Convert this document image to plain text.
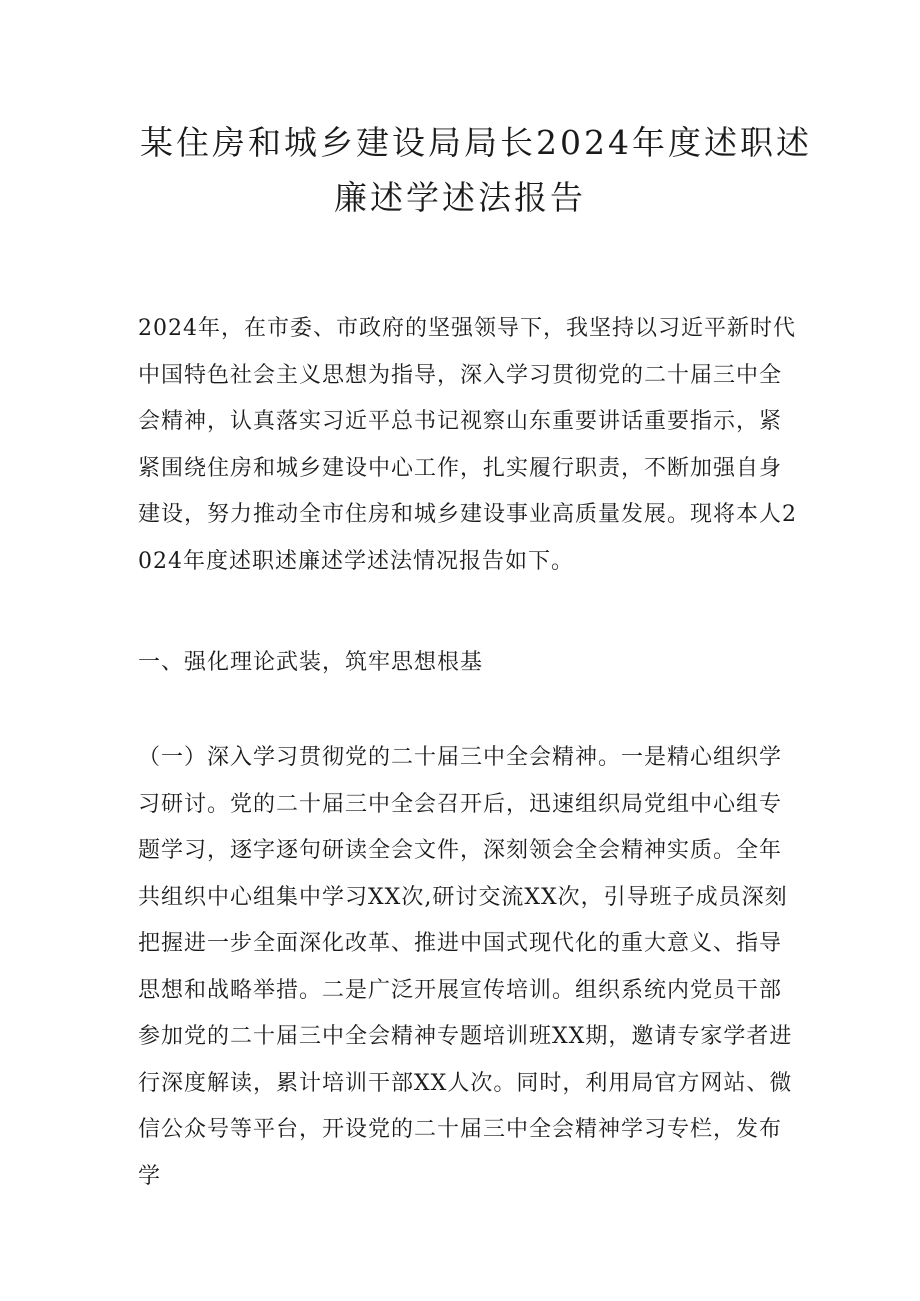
某住房和城乡建设局局长2024年度述职述
廉述学述法报告

2024年，在市委、市政府的坚强领导下，我坚持以习近平新时代中国特色社会主义思想为指导，深入学习贯彻党的二十届三中全会精神，认真落实习近平总书记视察山东重要讲话重要指示，紧紧围绕住房和城乡建设中心工作，扎实履行职责，不断加强自身建设，努力推动全市住房和城乡建设事业高质量发展。现将本人2024年度述职述廉述学述法情况报告如下。

一、强化理论武装，筑牢思想根基

（一）深入学习贯彻党的二十届三中全会精神。一是精心组织学习研讨。党的二十届三中全会召开后，迅速组织局党组中心组专题学习，逐字逐句研读全会文件，深刻领会全会精神实质。全年共组织中心组集中学习XX次,研讨交流XX次，引导班子成员深刻把握进一步全面深化改革、推进中国式现代化的重大意义、指导思想和战略举措。二是广泛开展宣传培训。组织系统内党员干部参加党的二十届三中全会精神专题培训班XX期，邀请专家学者进行深度解读，累计培训干部XX人次。同时，利用局官方网站、微信公众号等平台，开设党的二十届三中全会精神学习专栏，发布学
